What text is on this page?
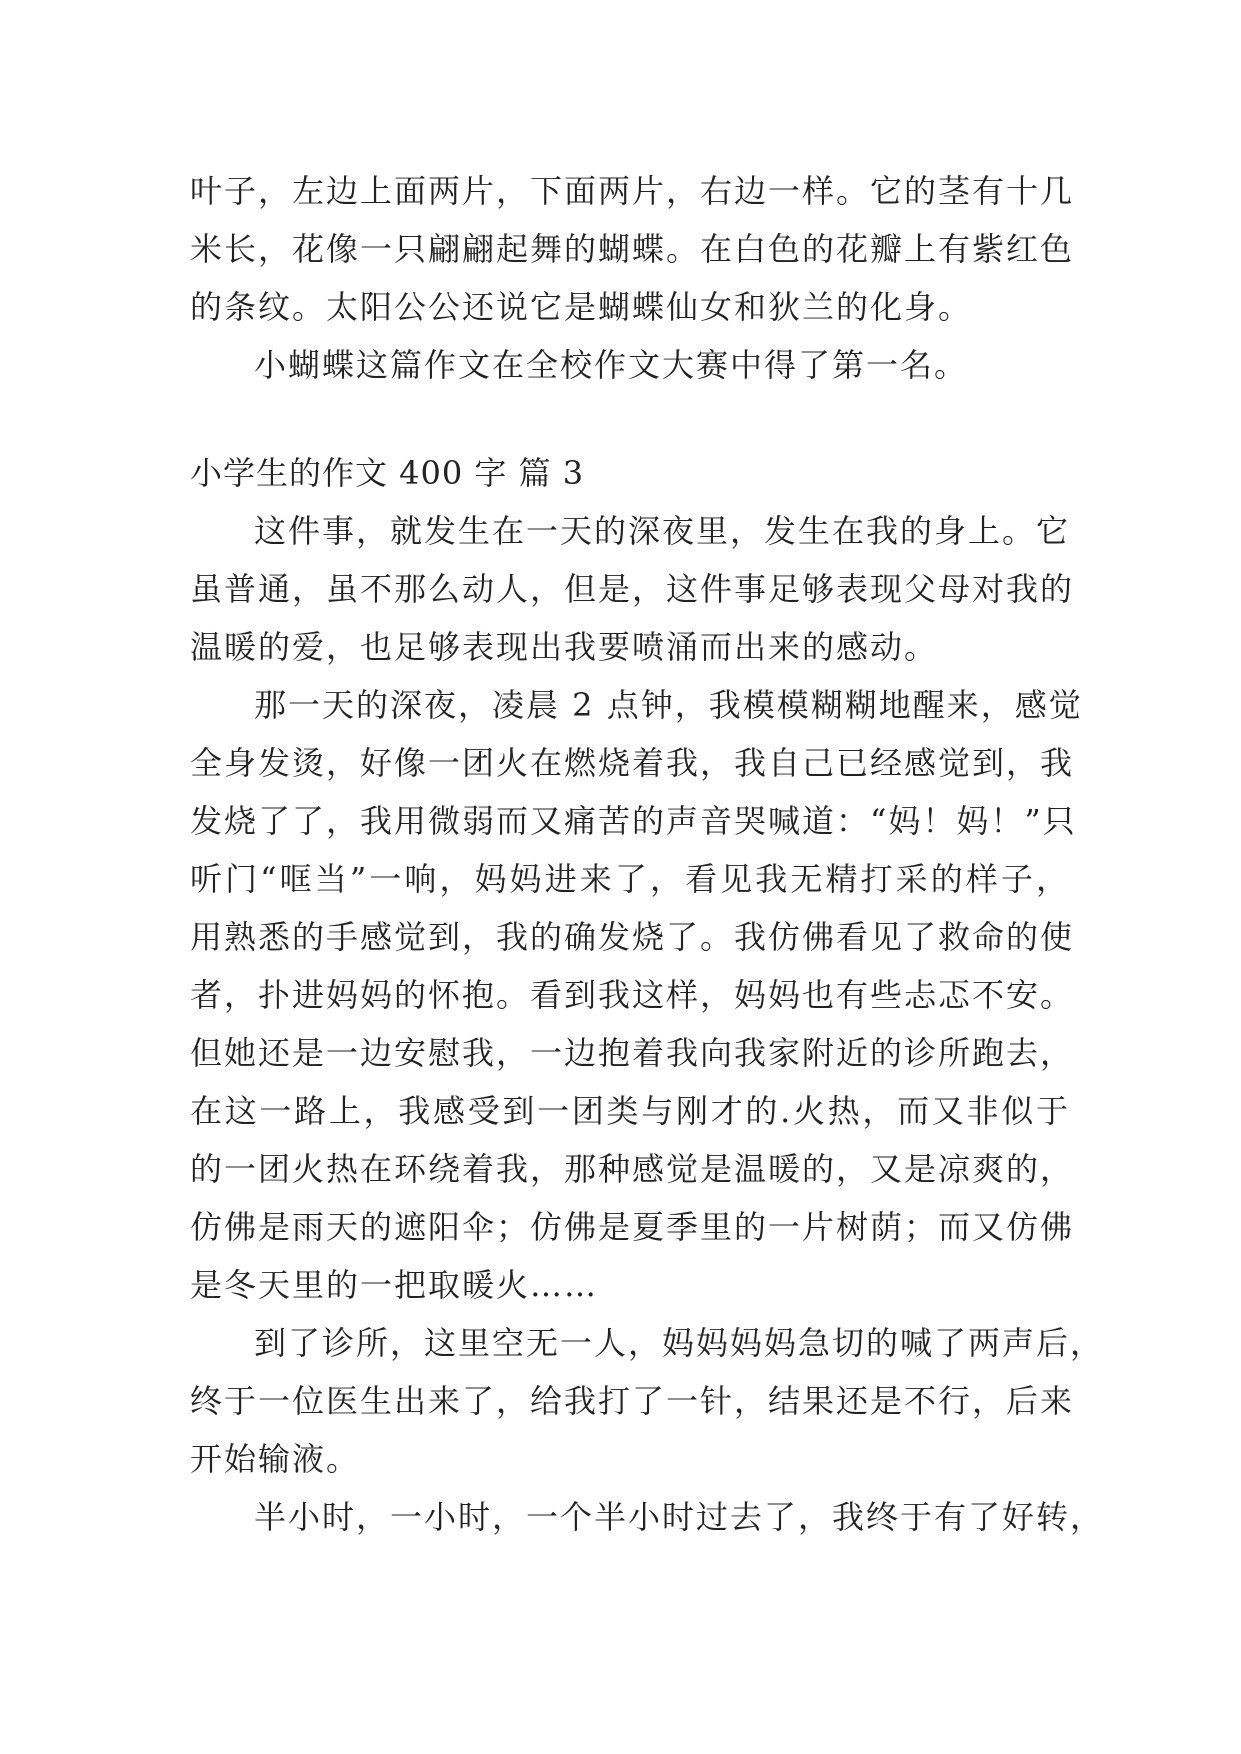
叶子，左边上面两片，下面两片，右边一样。它的茎有十几
米长，花像一只翩翩起舞的蝴蝶。在白色的花瓣上有紫红色
的条纹。太阳公公还说它是蝴蝶仙女和狄兰的化身。
小蝴蝶这篇作文在全校作文大赛中得了第一名。
小学生的作文 400 字 篇 3
这件事，就发生在一天的深夜里，发生在我的身上。它
虽普通，虽不那么动人，但是，这件事足够表现父母对我的
温暖的爱，也足够表现出我要喷涌而出来的感动。
那一天的深夜，凌晨 2 点钟，我模模糊糊地醒来，感觉
全身发烫，好像一团火在燃烧着我，我自己已经感觉到，我
发烧了了，我用微弱而又痛苦的声音哭喊道：“妈！妈！”只
听门“哐当”一响，妈妈进来了，看见我无精打采的样子，
用熟悉的手感觉到，我的确发烧了。我仿佛看见了救命的使
者，扑进妈妈的怀抱。看到我这样，妈妈也有些忐忑不安。
但她还是一边安慰我，一边抱着我向我家附近的诊所跑去，
在这一路上，我感受到一团类与刚才的.火热，而又非似于
的一团火热在环绕着我，那种感觉是温暖的，又是凉爽的，
仿佛是雨天的遮阳伞；仿佛是夏季里的一片树荫；而又仿佛
是冬天里的一把取暖火……
到了诊所，这里空无一人，妈妈妈妈急切的喊了两声后，
终于一位医生出来了，给我打了一针，结果还是不行，后来
开始输液。
半小时，一小时，一个半小时过去了，我终于有了好转，
